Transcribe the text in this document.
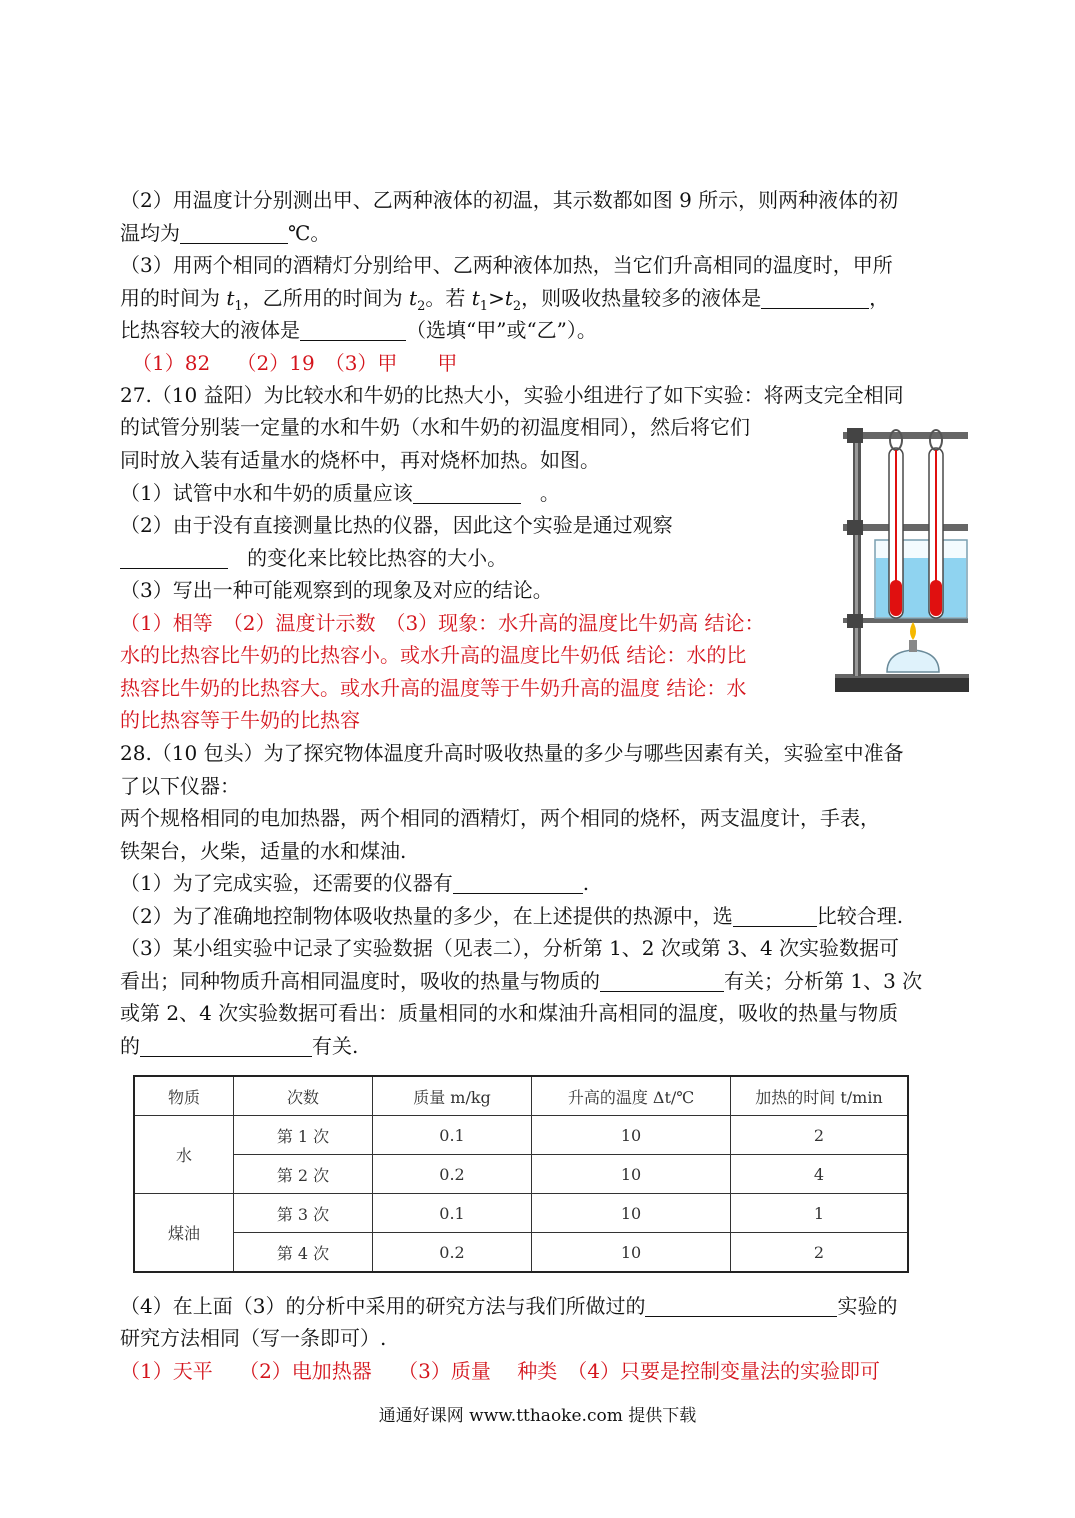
（2）用温度计分别测出甲、乙两种液体的初温，其示数都如图 9 所示，则两种液体的初
温均为	℃。
（3）用两个相同的酒精灯分别给甲、乙两种液体加热，当它们升高相同的温度时，甲所
用的时间为 $t_1$，乙所用的时间为 $t_2$。若 $t_1>t_2$，则吸收热量较多的液体是	，
比热容较大的液体是	（选填“甲”或“乙”）。
（1）82　 （2）19　（3）甲　　甲
27.（10 益阳）为比较水和牛奶的比热大小，实验小组进行了如下实验：将两支完全相同
的试管分别装一定量的水和牛奶（水和牛奶的初温度相同），然后将它们
同时放入装有适量水的烧杯中，再对烧杯加热。如图。
（1）试管中水和牛奶的质量应该	。
（2）由于没有直接测量比热的仪器，因此这个实验是通过观察
的变化来比较比热容的大小。
（3）写出一种可能观察到的现象及对应的结论。
（1）相等　（2）温度计示数　（3）现象：水升高的温度比牛奶高 结论：
水的比热容比牛奶的比热容小。或水升高的温度比牛奶低 结论：水的比
热容比牛奶的比热容大。或水升高的温度等于牛奶升高的温度 结论：水
的比热容等于牛奶的比热容
28.（10 包头）为了探究物体温度升高时吸收热量的多少与哪些因素有关，实验室中准备
了以下仪器：
两个规格相同的电加热器，两个相同的酒精灯，两个相同的烧杯，两支温度计，手表，
铁架台，火柴，适量的水和煤油.
（1）为了完成实验，还需要的仪器有	.
（2）为了准确地控制物体吸收热量的多少，在上述提供的热源中，选	比较合理.
（3）某小组实验中记录了实验数据（见表二），分析第 1、2 次或第 3、4 次实验数据可
看出；同种物质升高相同温度时，吸收的热量与物质的	有关；分析第 1、3 次
或第 2、4 次实验数据可看出：质量相同的水和煤油升高相同的温度，吸收的热量与物质
的	有关.
物质	次数	质量 m/kg	升高的温度 Δt/℃	加热的时间 t/min
水	第 1 次	0.1	10	2
	第 2 次	0.2	10	4
煤油	第 3 次	0.1	10	1
	第 4 次	0.2	10	2
（4）在上面（3）的分析中采用的研究方法与我们所做过的	实验的
研究方法相同（写一条即可）.
（1）天平　 （2）电加热器　 （3）质量　 种类　（4）只要是控制变量法的实验即可
通通好课网 www.tthaoke.com 提供下载
